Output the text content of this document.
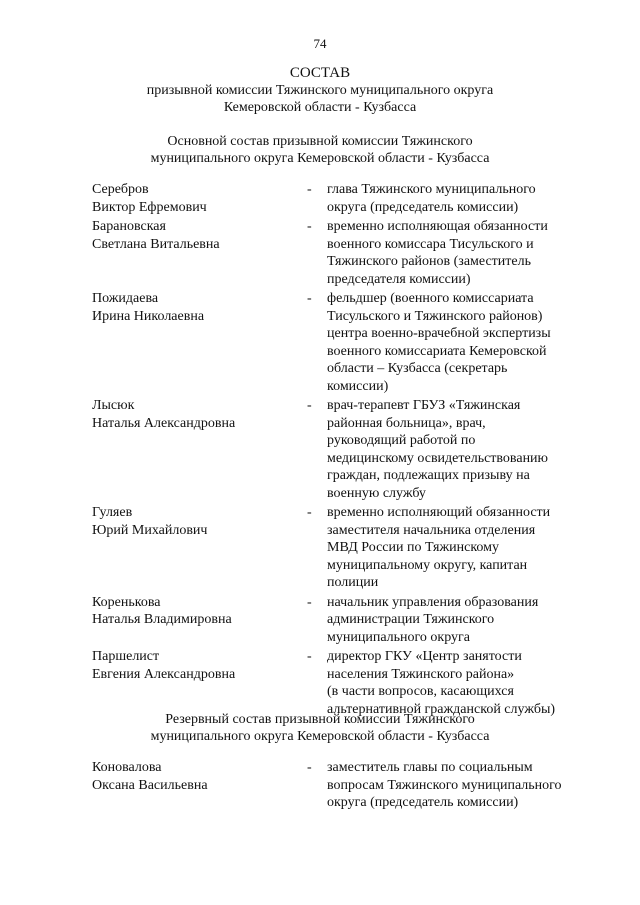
74
СОСТАВ
призывной комиссии Тяжинского муниципального округа
Кемеровской области - Кузбасса
Основной состав призывной комиссии Тяжинского
муниципального округа Кемеровской области - Кузбасса
Серебров
Виктор Ефремович
- глава Тяжинского муниципального
округа (председатель комиссии)
Барановская
Светлана Витальевна
- временно исполняющая обязанности
военного комиссара Тисульского и
Тяжинского районов (заместитель
председателя комиссии)
Пожидаева
Ирина Николаевна
- фельдшер (военного комиссариата
Тисульского и Тяжинского районов)
центра военно-врачебной экспертизы
военного комиссариата Кемеровской
области – Кузбасса (секретарь
комиссии)
Лысюк
Наталья Александровна
- врач-терапевт ГБУЗ «Тяжинская
районная больница», врач,
руководящий работой по
медицинскому освидетельствованию
граждан, подлежащих призыву на
военную службу
Гуляев
Юрий Михайлович
- временно исполняющий обязанности
заместителя начальника отделения
МВД России по Тяжинскому
муниципальному округу, капитан
полиции
Коренькова
Наталья Владимировна
- начальник управления образования
администрации Тяжинского
муниципального округа
Паршелист
Евгения Александровна
- директор ГКУ «Центр занятости
населения Тяжинского района»
(в части вопросов, касающихся
альтернативной гражданской службы)
Резервный состав призывной комиссии Тяжинского
муниципального округа Кемеровской области - Кузбасса
Коновалова
Оксана Васильевна
- заместитель главы по социальным
вопросам Тяжинского муниципального
округа (председатель комиссии)
